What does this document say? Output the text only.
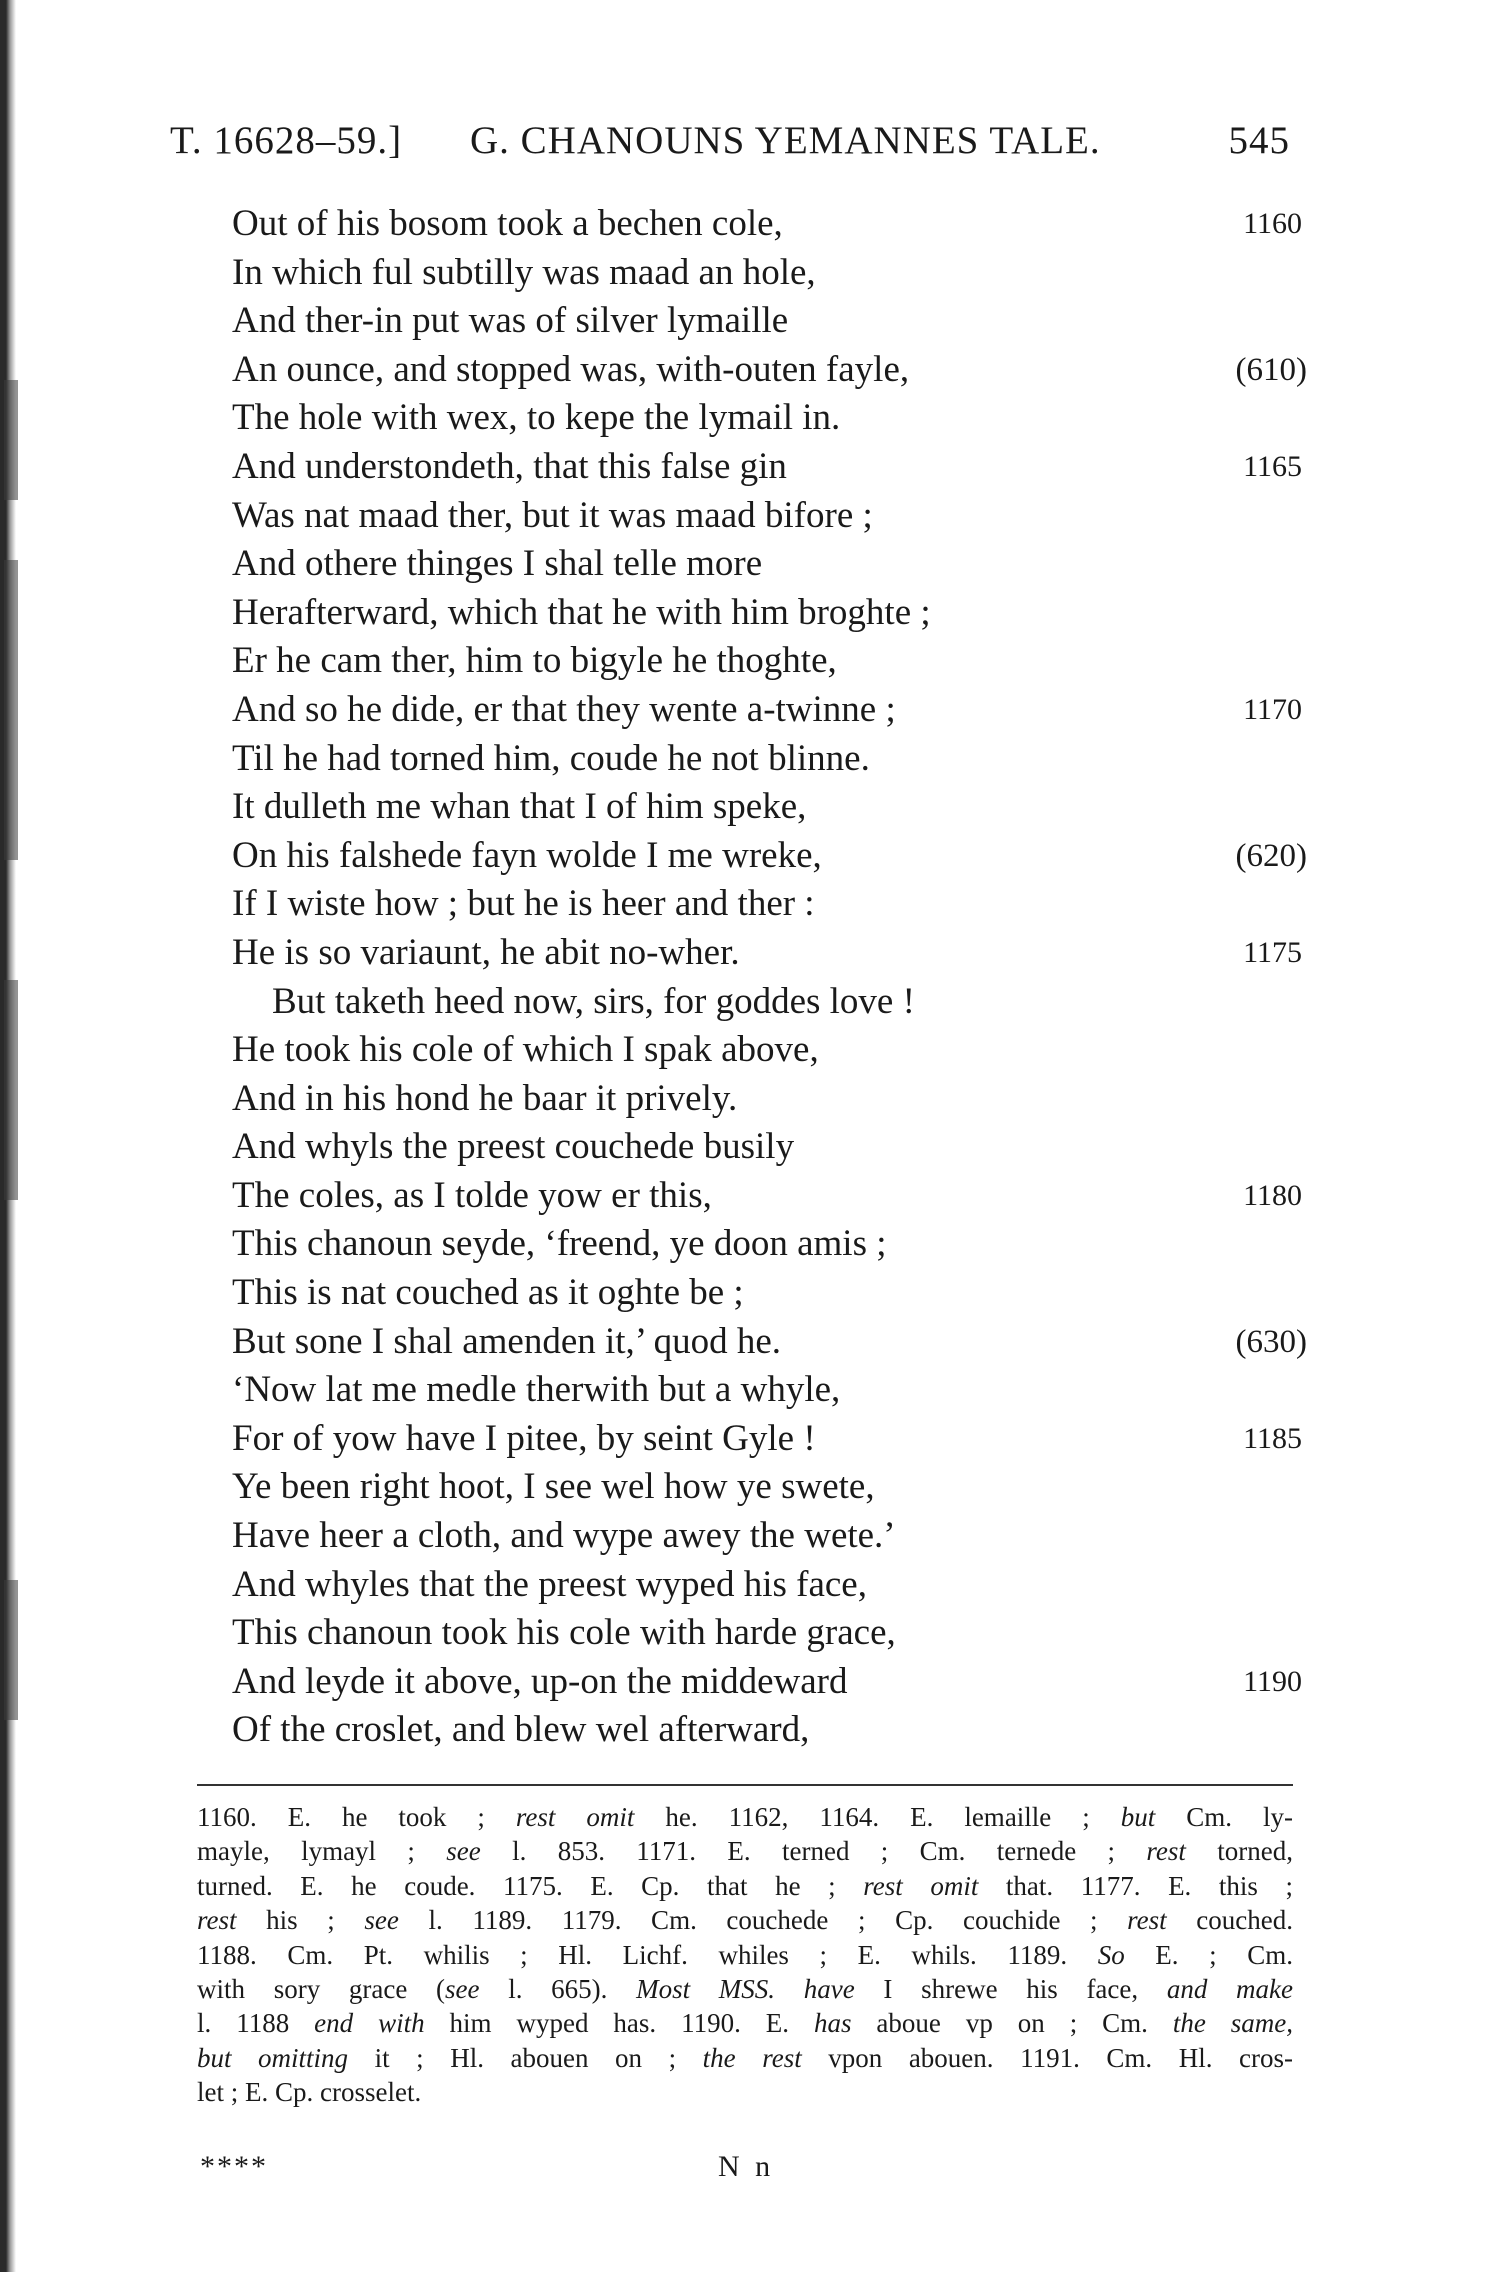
T. 16628–59.] G. CHANOUNS YEMANNES TALE.	545
Out of his bosom took a bechen cole,	1160
In which ful subtilly was maad an hole,
And ther-in put was of silver lymaille
An ounce, and stopped was, with-outen fayle,	(610)
The hole with wex, to kepe the lymail in.
And understondeth, that this false gin	1165
Was nat maad ther, but it was maad bifore ;
And othere thinges I shal telle more
Herafterward, which that he with him broghte ;
Er he cam ther, him to bigyle he thoghte,
And so he dide, er that they wente a-twinne ;	1170
Til he had torned him, coude he not blinne.
It dulleth me whan that I of him speke,
On his falshede fayn wolde I me wreke,	(620)
If I wiste how ; but he is heer and ther :
He is so variaunt, he abit no-wher.	1175
But taketh heed now, sirs, for goddes love !
He took his cole of which I spak above,
And in his hond he baar it prively.
And whyls the preest couchede busily
The coles, as I tolde yow er this,	1180
This chanoun seyde, ‘freend, ye doon amis ;
This is nat couched as it oghte be ;
But sone I shal amenden it,’ quod he.	(630)
‘Now lat me medle therwith but a whyle,
For of yow have I pitee, by seint Gyle !	1185
Ye been right hoot, I see wel how ye swete,
Have heer a cloth, and wype awey the wete.’
And whyles that the preest wyped his face,
This chanoun took his cole with harde grace,
And leyde it above, up-on the middeward	1190
Of the croslet, and blew wel afterward,
1160. E. he took ; rest omit he. 1162, 1164. E. lemaille ; but Cm. ly-
mayle, lymayl ; see l. 853. 1171. E. terned ; Cm. ternede ; rest torned,
turned. E. he coude. 1175. E. Cp. that he ; rest omit that. 1177. E. this ;
rest his ; see l. 1189. 1179. Cm. couchede ; Cp. couchide ; rest couched.
1188. Cm. Pt. whilis ; Hl. Lichf. whiles ; E. whils. 1189. So E. ; Cm.
with sory grace (see l. 665). Most MSS. have I shrewe his face, and make
l. 1188 end with him wyped has. 1190. E. has aboue vp on ; Cm. the same,
but omitting it ; Hl. abouen on ; the rest vpon abouen. 1191. Cm. Hl. cros-
let ; E. Cp. crosselet.
****	N n
